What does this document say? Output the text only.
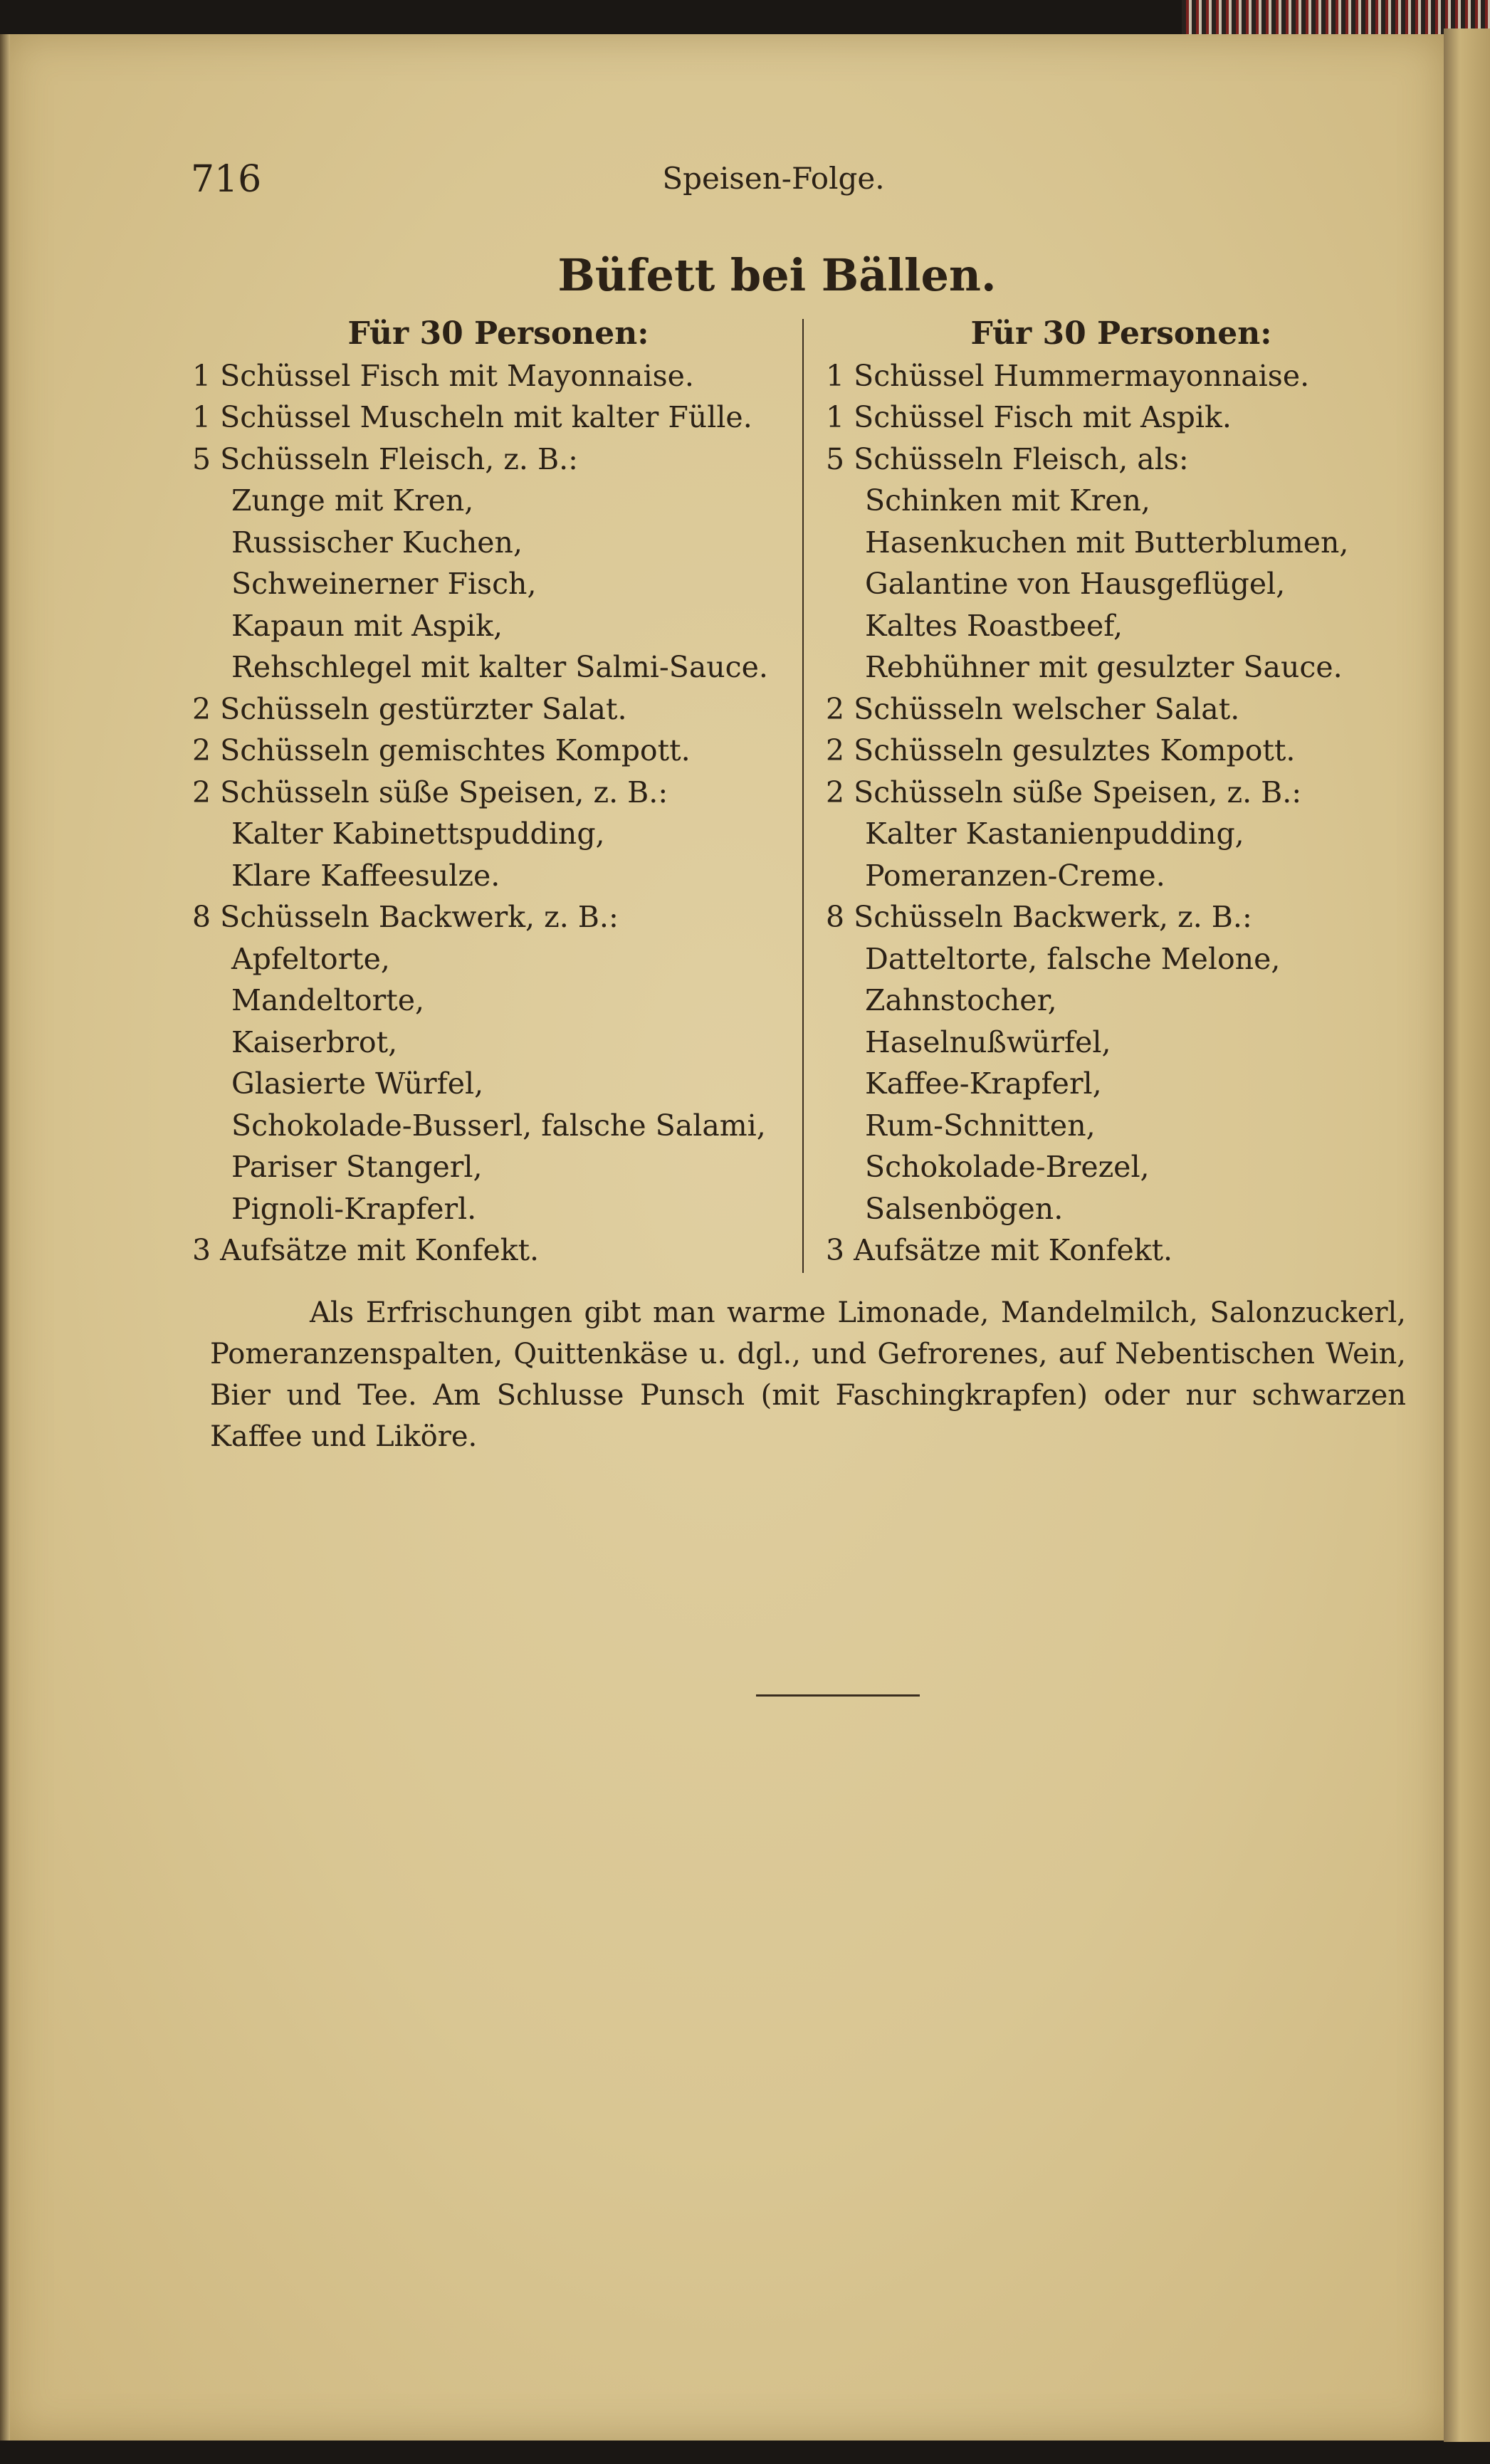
716	Speisen-Folge.
Büfett bei Bällen.
Für 30 Personen:
1 Schüssel Fisch mit Mayonnaise.
1 Schüssel Muscheln mit kalter Fülle.
5 Schüsseln Fleisch, z. B.:
Zunge mit Kren,
Russischer Kuchen,
Schweinerner Fisch,
Kapaun mit Aspik,
Rehschlegel mit kalter Salmi-Sauce.
2 Schüsseln gestürzter Salat.
2 Schüsseln gemischtes Kompott.
2 Schüsseln süße Speisen, z. B.:
Kalter Kabinettspudding,
Klare Kaffeesulze.
8 Schüsseln Backwerk, z. B.:
Apfeltorte,
Mandeltorte,
Kaiserbrot,
Glasierte Würfel,
Schokolade-Busserl, falsche Salami,
Pariser Stangerl,
Pignoli-Krapferl.
3 Aufsätze mit Konfekt.
Für 30 Personen:
1 Schüssel Hummermayonnaise.
1 Schüssel Fisch mit Aspik.
5 Schüsseln Fleisch, als:
Schinken mit Kren,
Hasenkuchen mit Butterblumen,
Galantine von Hausgeflügel,
Kaltes Roastbeef,
Rebhühner mit gesulzter Sauce.
2 Schüsseln welscher Salat.
2 Schüsseln gesulztes Kompott.
2 Schüsseln süße Speisen, z. B.:
Kalter Kastanienpudding,
Pomeranzen-Creme.
8 Schüsseln Backwerk, z. B.:
Datteltorte, falsche Melone,
Zahnstocher,
Haselnußwürfel,
Kaffee-Krapferl,
Rum-Schnitten,
Schokolade-Brezel,
Salsenbögen.
3 Aufsätze mit Konfekt.
Als Erfrischungen gibt man warme Limonade, Mandelmilch, Salonzuckerl, Pomeranzenspalten, Quittenkäse u. dgl., und Gefrorenes, auf Nebentischen Wein, Bier und Tee. Am Schlusse Punsch (mit Faschingkrapfen) oder nur schwarzen Kaffee und Liköre.
